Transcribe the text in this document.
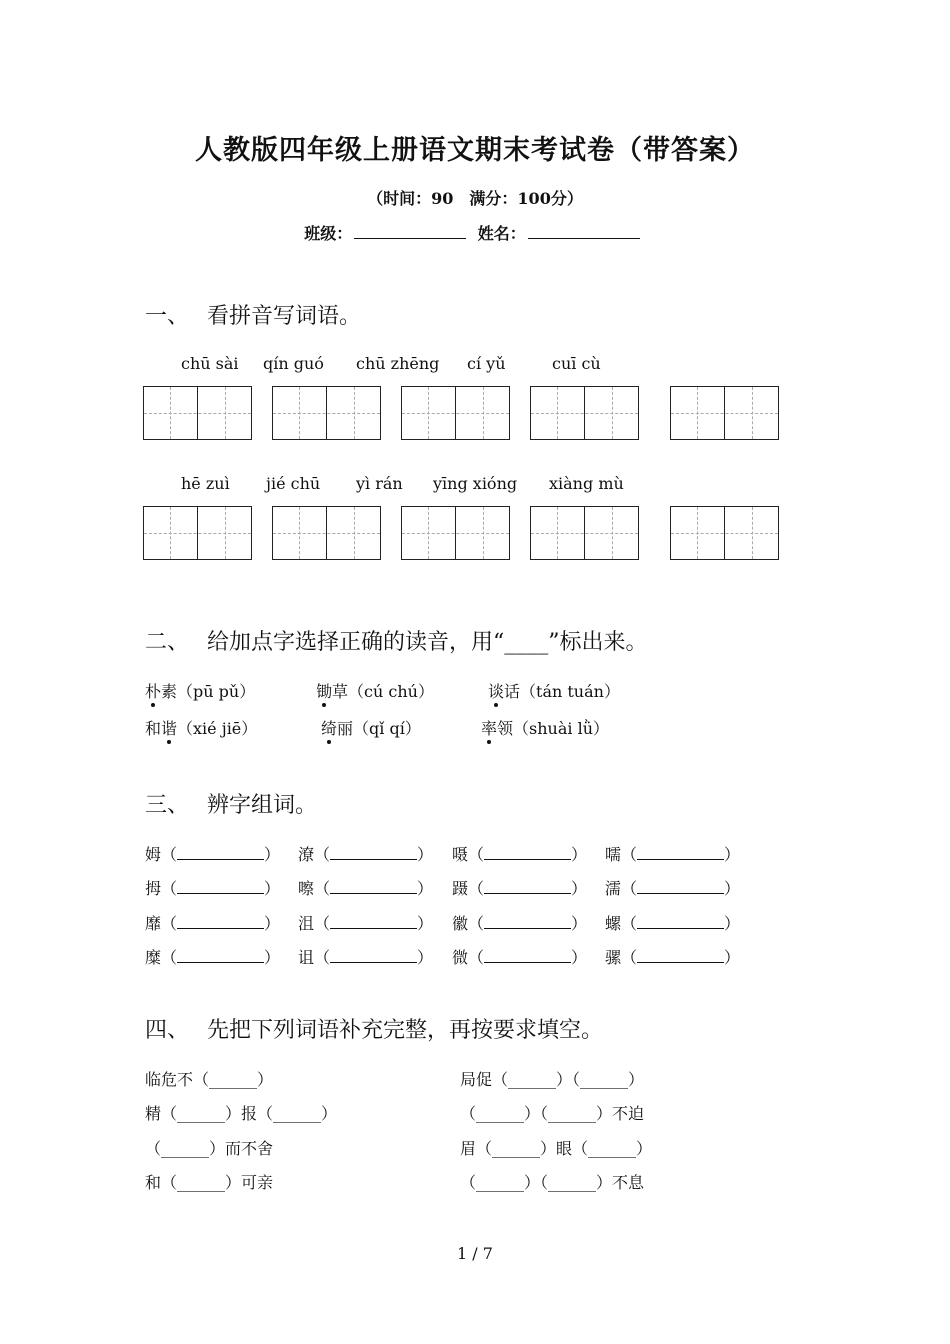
人教版四年级上册语文期末考试卷（带答案）
（时间：90　满分：100分）
班级：	姓名：
一、 看拼音写词语。
chū sài qín guó chū zhēng cí yǔ	cuī cù
hē zuì jié chū yì rán yīng xióng xiàng mù
二、 给加点字选择正确的读音，用“____”标出来。
朴素（pū pǔ）	锄草（cú chú）	谈话（tán tuán）
和谐（xié jiē）	绮丽（qǐ qí）	率领（shuài lǜ）
三、 辨字组词。
姆（	） 潦（	） 嗫（	） 嚅（	）
拇（	） 嚓（	） 蹑（	） 濡（	）
靡（	） 沮（	） 徽（	） 螺（	）
糜（	） 诅（	） 微（	） 骡（	）
四、 先把下列词语补充完整，再按要求填空。
临危不（______）
精（______）报（______）
（______）而不舍
和（______）可亲
局促（______）（______）
（______）（______）不迫
眉（______）眼（______）
（______）（______）不息
1 / 7
